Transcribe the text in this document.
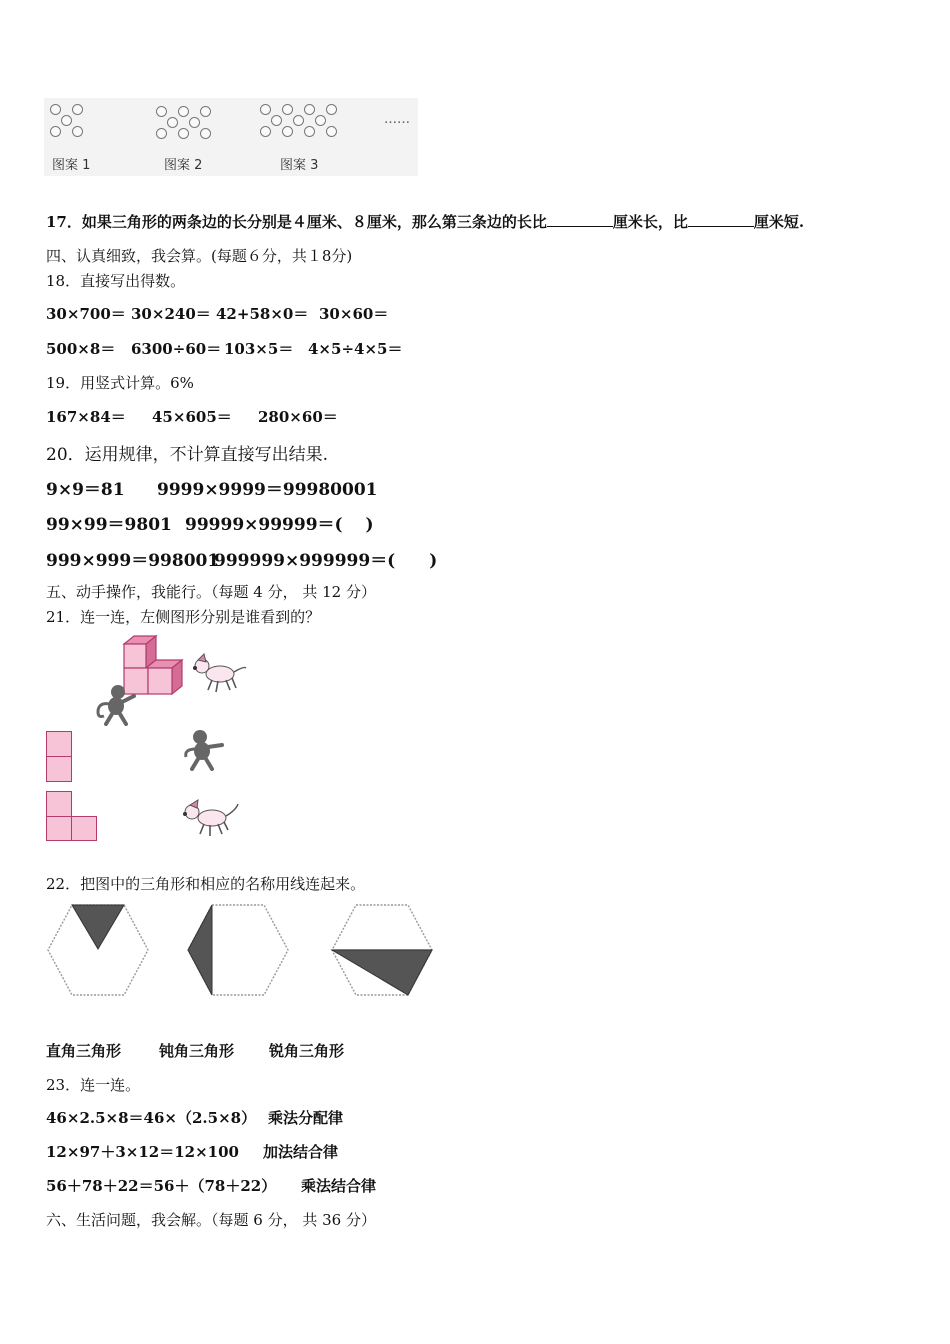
……
图案 1	图案 2	图案 3
17．如果三角形的两条边的长分别是４厘米、８厘米，那么第三条边的长比	厘米长，比	厘米短.
四、认真细致，我会算。(每题６分，共１8分)
18．直接写出得数。
30×700＝ 30×240＝ 42+58×0＝ 30×60＝
500×8＝ 6300÷60＝ 103×5＝ 4×5÷4×5＝
19．用竖式计算。6%
167×84＝ 45×605＝ 280×60＝
20．运用规律，不计算直接写出结果.
9×9＝81 9999×9999＝99980001
99×99＝9801 99999×99999＝(　 )
999×999＝998001999999×999999＝(　　)
五、动手操作，我能行。（每题 4 分， 共 12 分）
21．连一连，左侧图形分别是谁看到的？
22．把图中的三角形和相应的名称用线连起来。
直角三角形	钝角三角形 锐角三角形
23．连一连。
46×2.5×8＝46×（2.5×8） 乘法分配律
12×97＋3×12＝12×100 加法结合律
56＋78＋22＝56＋（78＋22） 乘法结合律
六、生活问题，我会解。（每题 6 分， 共 36 分）
